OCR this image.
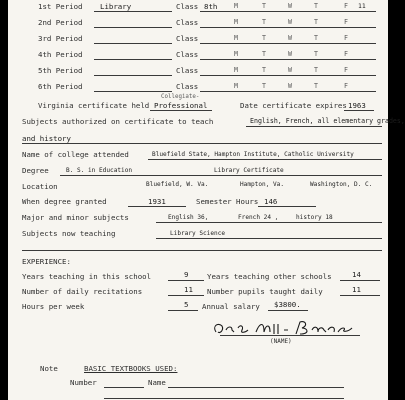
1st Period Library	Class 8th	M	T	W	T	F 11
2nd Period	Class	M	T	W	T	F
3rd Period	Class	M	T	W	T	F
4th Period	Class	M	T	W	T	F
5th Period	Class	M	T	W	T	F
6th Period	Class	M	T	W	T	F
Collegiate-
Virginia certificate held Professional	Date certificate expires 1963
Subjects authorized on certificate to teach	English, French, all elementary grades,
and history
Name of college attended	Bluefield State, Hampton Institute, Catholic University
Degree	B. S. in Education	Library Certificate
Location	Bluefield, W. Va.	Hampton, Va.	Washington, D. C.
When degree granted	1931	Semester Hours 146
Major and minor subjects	English 36,	French 24 ,	history 18
Subjects now teaching	Library Science
EXPERIENCE:
Years teaching in this school	9	Years teaching other schools	14
Number of daily recitations	11 Number pupils taught daily	11
Hours per week	5 Annual salary $3800.
(NAME)
Note	BASIC TEXTBOOKS USED:
Number	Name
